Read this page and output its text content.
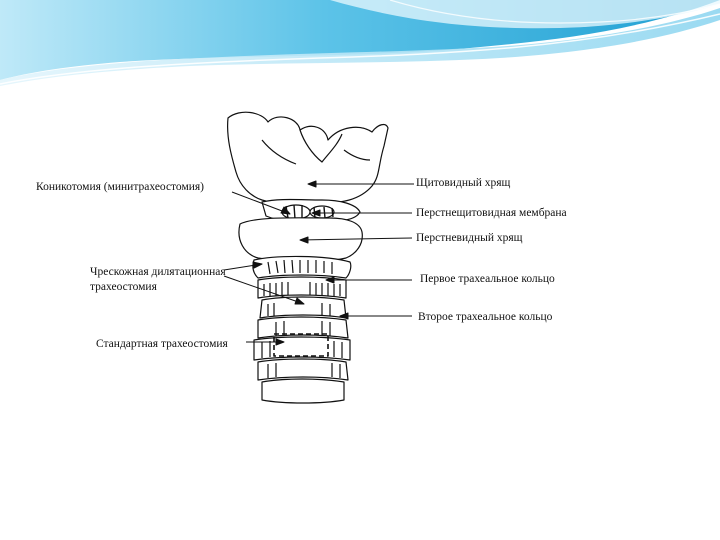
Коникотомия (минитрахеостомия)
Чрескожная дилятационная
трахеостомия
Стандартная трахеостомия
Щитовидный хрящ
Перстнещитовидная мембрана
Перстневидный хрящ
Первое трахеальное кольцо
Второе трахеальное кольцо
